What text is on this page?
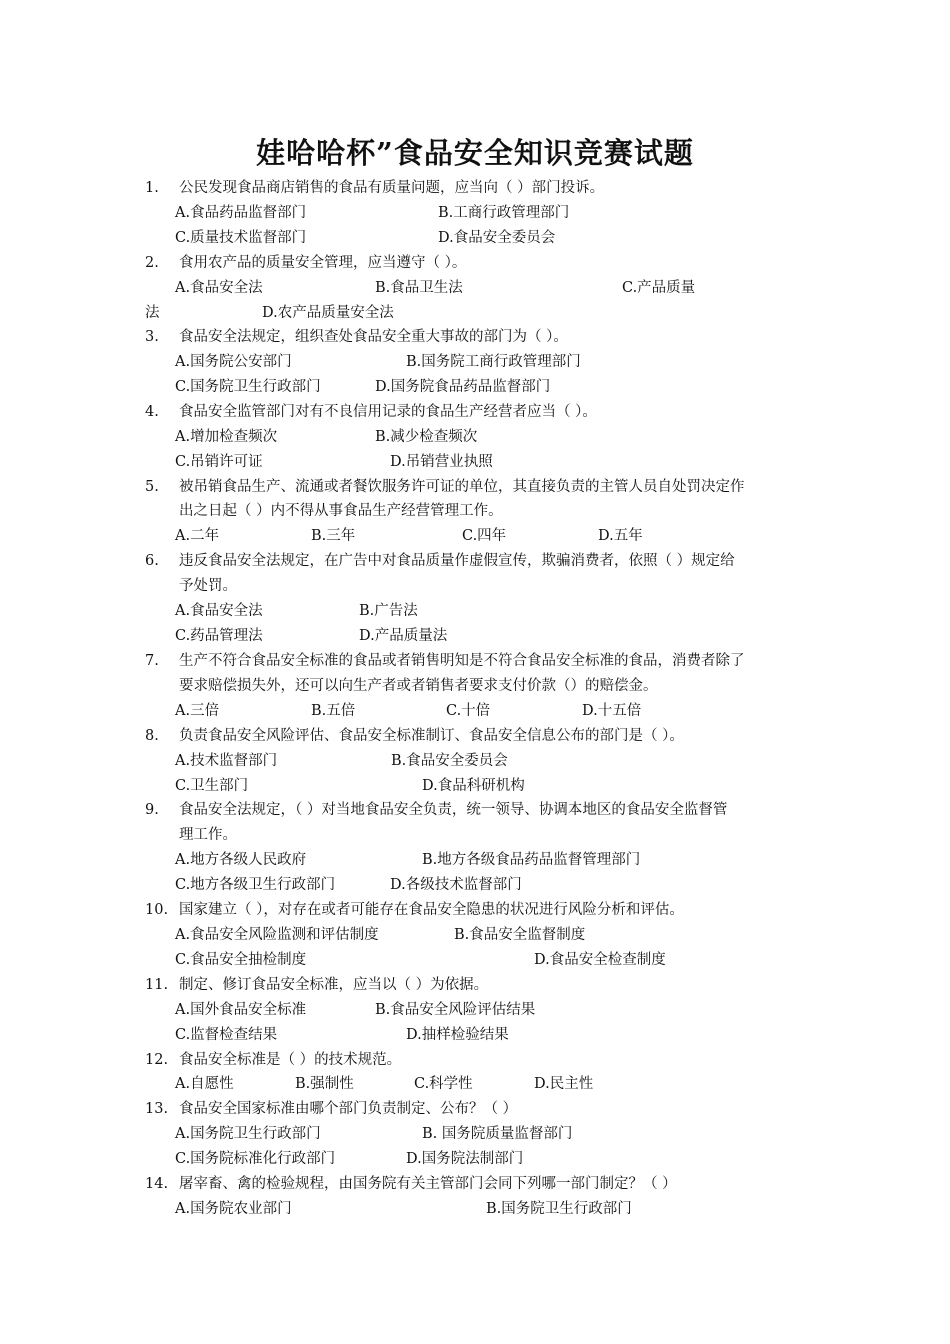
娃哈哈杯”食品安全知识竞赛试题
1. 公民发现食品商店销售的食品有质量问题，应当向（ ）部门投诉。
A.食品药品监督部门	B.工商行政管理部门
C.质量技术监督部门	D.食品安全委员会
2. 食用农产品的质量安全管理，应当遵守（ ）。
A.食品安全法	B.食品卫生法	C.产品质量
法	D.农产品质量安全法
3. 食品安全法规定，组织查处食品安全重大事故的部门为（ ）。
A.国务院公安部门	B.国务院工商行政管理部门
C.国务院卫生行政部门	D.国务院食品药品监督部门
4. 食品安全监管部门对有不良信用记录的食品生产经营者应当（ ）。
A.增加检查频次	B.减少检查频次
C.吊销许可证	D.吊销营业执照
5. 被吊销食品生产、流通或者餐饮服务许可证的单位，其直接负责的主管人员自处罚决定作
出之日起（ ）内不得从事食品生产经营管理工作。
A.二年	B.三年	C.四年	D.五年
6. 违反食品安全法规定，在广告中对食品质量作虚假宣传，欺骗消费者，依照（ ）规定给
予处罚。
A.食品安全法	B.广告法
C.药品管理法	D.产品质量法
7. 生产不符合食品安全标准的食品或者销售明知是不符合食品安全标准的食品，消费者除了
要求赔偿损失外，还可以向生产者或者销售者要求支付价款（）的赔偿金。
A.三倍	B.五倍	C.十倍	D.十五倍
8. 负责食品安全风险评估、食品安全标准制订、食品安全信息公布的部门是（ ）。
A.技术监督部门	B.食品安全委员会
C.卫生部门	D.食品科研机构
9. 食品安全法规定，（ ）对当地食品安全负责，统一领导、协调本地区的食品安全监督管
理工作。
A.地方各级人民政府	B.地方各级食品药品监督管理部门
C.地方各级卫生行政部门	D.各级技术监督部门
10. 国家建立（ ），对存在或者可能存在食品安全隐患的状况进行风险分析和评估。
A.食品安全风险监测和评估制度	B.食品安全监督制度
C.食品安全抽检制度	D.食品安全检查制度
11. 制定、修订食品安全标准，应当以（ ）为依据。
A.国外食品安全标准	B.食品安全风险评估结果
C.监督检查结果	D.抽样检验结果
12. 食品安全标准是（ ）的技术规范。
A.自愿性	B.强制性	C.科学性	D.民主性
13. 食品安全国家标准由哪个部门负责制定、公布？（ ）
A.国务院卫生行政部门	B. 国务院质量监督部门
C.国务院标准化行政部门	D.国务院法制部门
14. 屠宰畜、禽的检验规程，由国务院有关主管部门会同下列哪一部门制定？（ ）
A.国务院农业部门	B.国务院卫生行政部门
